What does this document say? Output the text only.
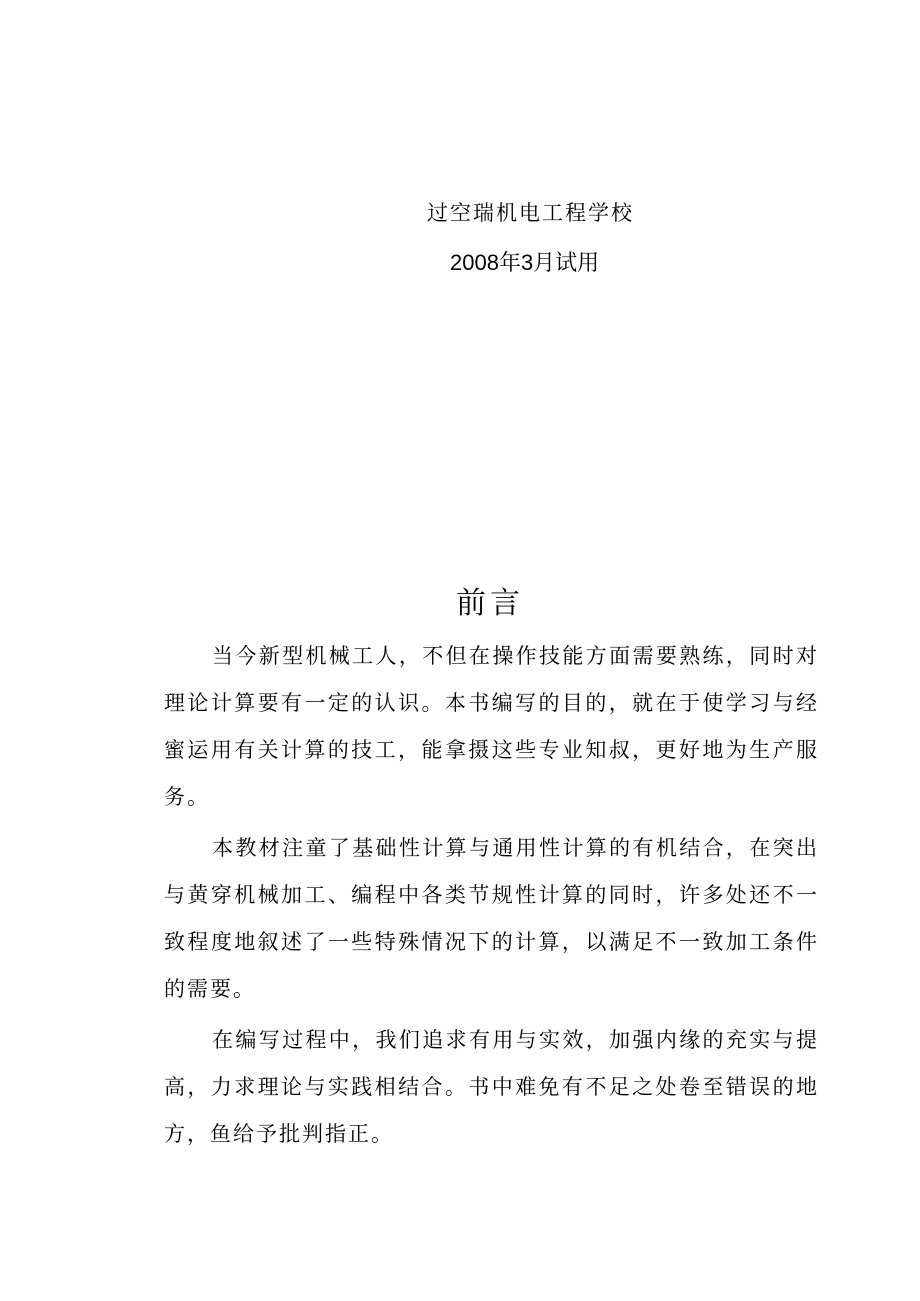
过空瑞机电工程学校
2008年3月试用
前言

当今新型机械工人，不但在操作技能方面需要熟练，同时对理论计算要有一定的认识。本书编写的目的，就在于使学习与经蜜运用有关计算的技工，能拿摄这些专业知叔，更好地为生产服务。

本教材注童了基础性计算与通用性计算的有机结合，在突出与黄穿机械加工、编程中各类节规性计算的同时，许多处还不一致程度地叙述了一些特殊情况下的计算，以满足不一致加工条件的需要。

在编写过程中，我们追求有用与实效，加强内缘的充实与提高，力求理论与实践相结合。书中难免有不足之处卷至错误的地方，鱼给予批判指正。
